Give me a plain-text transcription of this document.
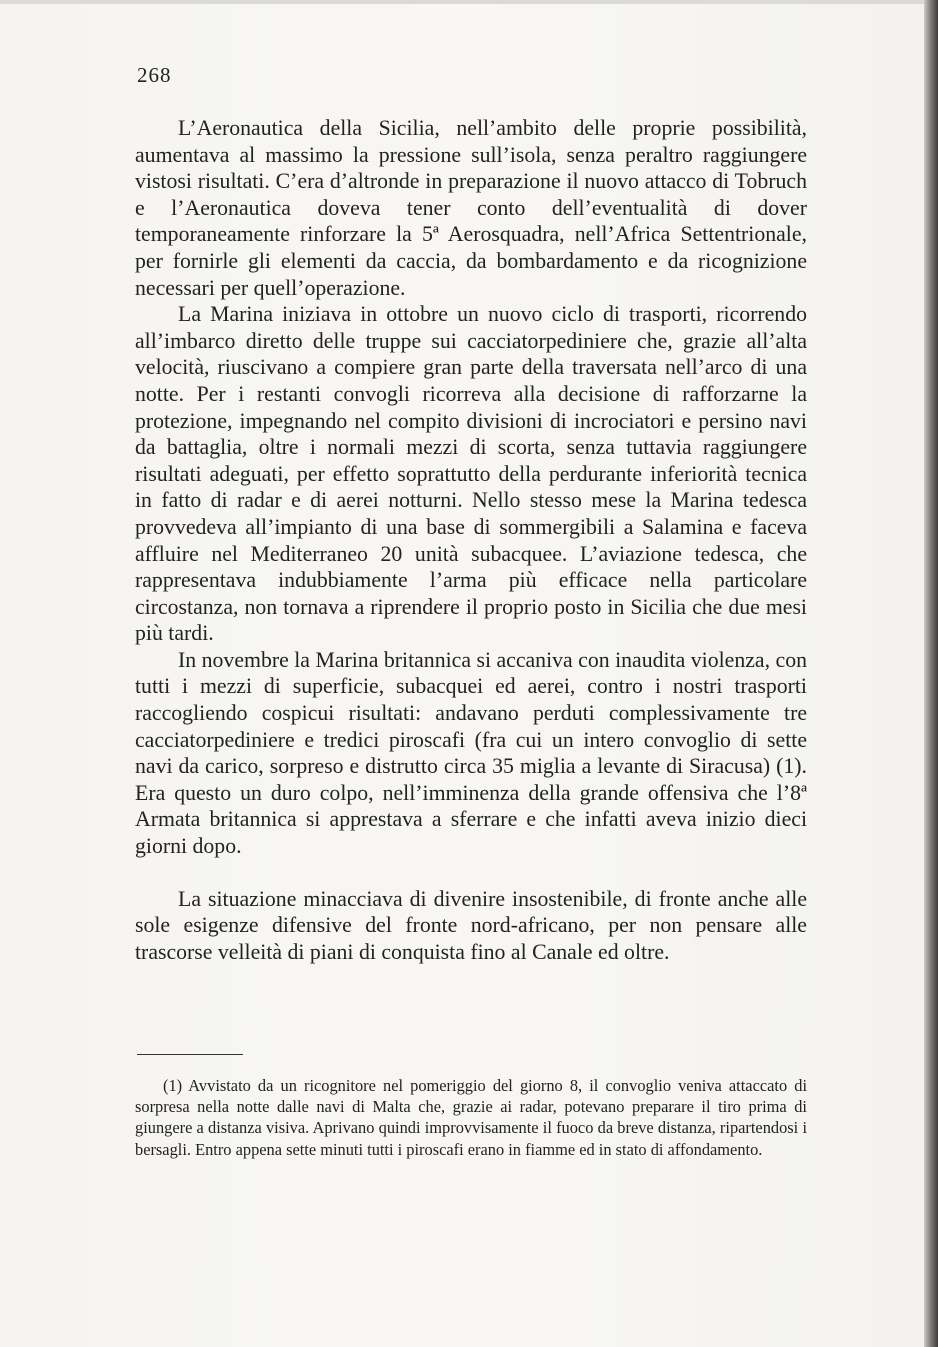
268

L’Aeronautica della Sicilia, nell’ambito delle proprie possibilità, aumentava al massimo la pressione sull’isola, senza peraltro raggiungere vistosi risultati. C’era d’altronde in preparazione il nuovo attacco di Tobruch e l’Aeronautica doveva tener conto dell’eventualità di dover temporaneamente rinforzare la 5ª Aerosquadra, nell’Africa Settentrionale, per fornirle gli elementi da caccia, da bombardamento e da ricognizione necessari per quell’operazione.

La Marina iniziava in ottobre un nuovo ciclo di trasporti, ricorrendo all’imbarco diretto delle truppe sui cacciatorpediniere che, grazie all’alta velocità, riuscivano a compiere gran parte della traversata nell’arco di una notte. Per i restanti convogli ricorreva alla decisione di rafforzarne la protezione, impegnando nel compito divisioni di incrociatori e persino navi da battaglia, oltre i normali mezzi di scorta, senza tuttavia raggiungere risultati adeguati, per effetto soprattutto della perdurante inferiorità tecnica in fatto di radar e di aerei notturni. Nello stesso mese la Marina tedesca provvedeva all’impianto di una base di sommergibili a Salamina e faceva affluire nel Mediterraneo 20 unità subacquee. L’aviazione tedesca, che rappresentava indubbiamente l’arma più efficace nella particolare circostanza, non tornava a riprendere il proprio posto in Sicilia che due mesi più tardi.

In novembre la Marina britannica si accaniva con inaudita violenza, con tutti i mezzi di superficie, subacquei ed aerei, contro i nostri trasporti raccogliendo cospicui risultati: andavano perduti complessivamente tre cacciatorpediniere e tredici piroscafi (fra cui un intero convoglio di sette navi da carico, sorpreso e distrutto circa 35 miglia a levante di Siracusa) (1). Era questo un duro colpo, nell’imminenza della grande offensiva che l’8ª Armata britannica si apprestava a sferrare e che infatti aveva inizio dieci giorni dopo.

La situazione minacciava di divenire insostenibile, di fronte anche alle sole esigenze difensive del fronte nord-africano, per non pensare alle trascorse velleità di piani di conquista fino al Canale ed oltre.

(1) Avvistato da un ricognitore nel pomeriggio del giorno 8, il convoglio veniva attaccato di sorpresa nella notte dalle navi di Malta che, grazie ai radar, potevano preparare il tiro prima di giungere a distanza visiva. Aprivano quindi improvvisamente il fuoco da breve distanza, ripartendosi i bersagli. Entro appena sette minuti tutti i piroscafi erano in fiamme ed in stato di affondamento.
